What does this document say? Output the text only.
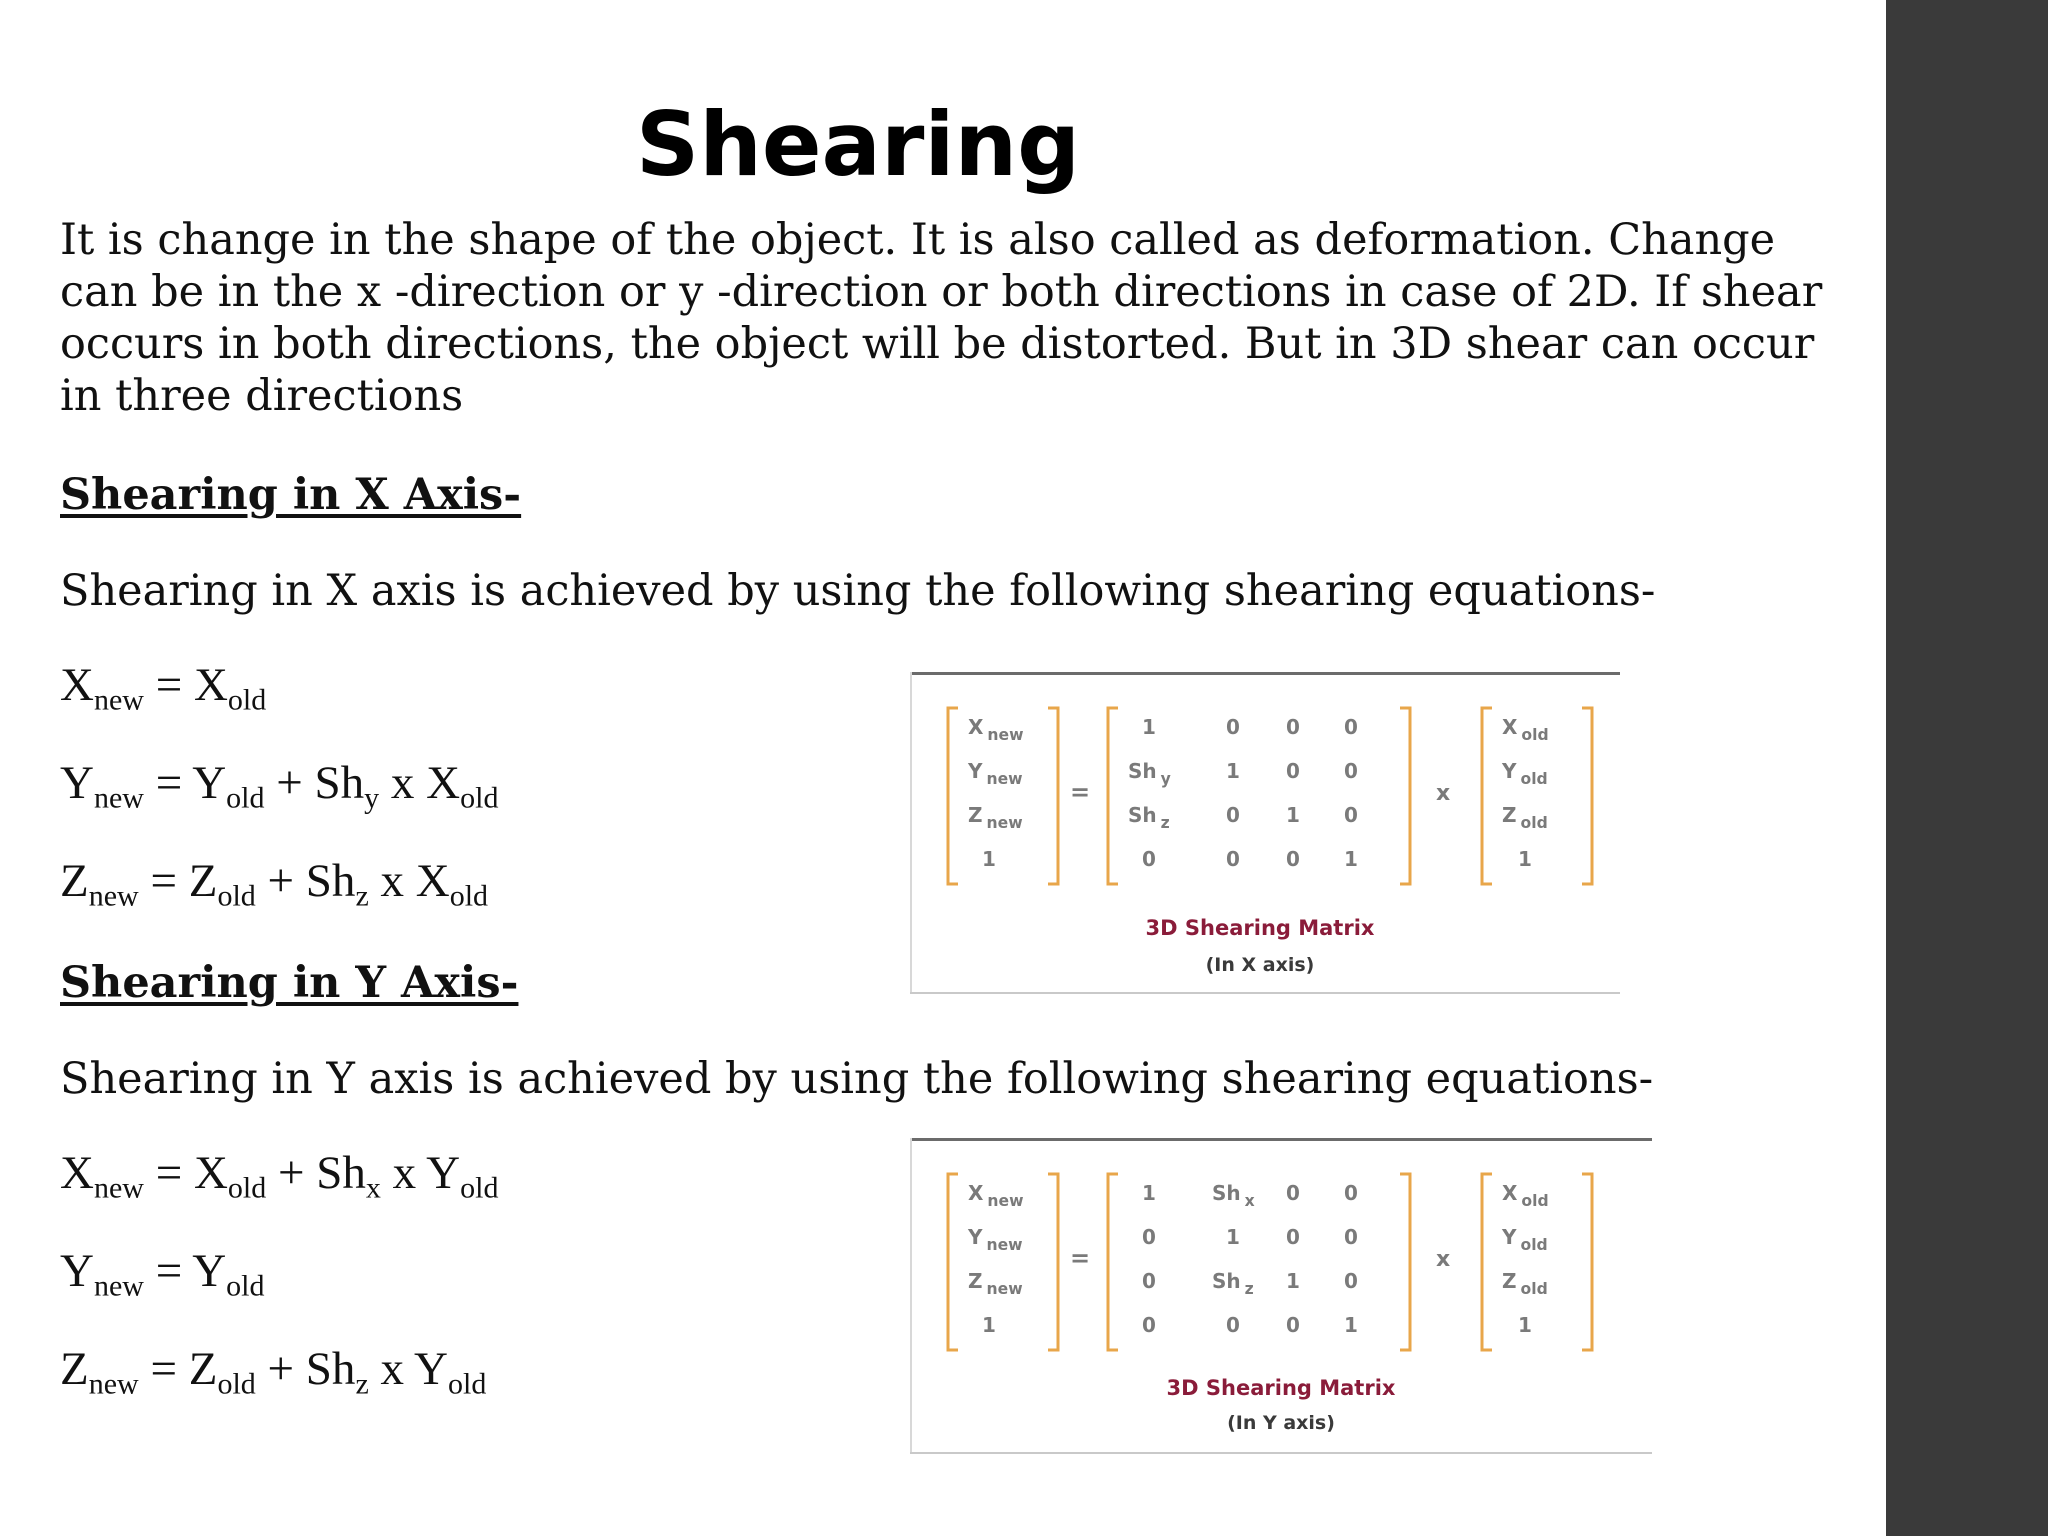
Shearing

It is change in the shape of the object. It is also called as deformation. Change can be in the x -direction or y -direction or both directions in case of 2D. If shear occurs in both directions, the object will be distorted. But in 3D shear can occur in three directions

Shearing in X Axis-

Shearing in X axis is achieved by using the following shearing equations-

$X_{new} = X_{old}$
$Y_{new} = Y_{old} + Sh_y$ x $X_{old}$
$Z_{new} = Z_{old} + Sh_z$ x $X_{old}$
X $_{new}$
Y $_{new}$
Z $_{new}$
1
=
1	0 0 0
Sh $_y$	1 0 0
Sh $_z$	0 1 0
0	0 0 1
x
X $_{old}$
Y $_{old}$
Z $_{old}$
1
3D Shearing Matrix
(In X axis)
Shearing in Y Axis-

Shearing in Y axis is achieved by using the following shearing equations-

$X_{new} = X_{old} + Sh_x$ x $Y_{old}$
$Y_{new} = Y_{old}$
$Z_{new} = Z_{old} + Sh_z$ x $Y_{old}$
X $_{new}$
Y $_{new}$
Z $_{new}$
1
=
1	Sh $_x$ 0 0
0	1 0 0
0	Sh $_z$ 1 0
0	0 0 1
x
X $_{old}$
Y $_{old}$
Z $_{old}$
1
3D Shearing Matrix
(In Y axis)
